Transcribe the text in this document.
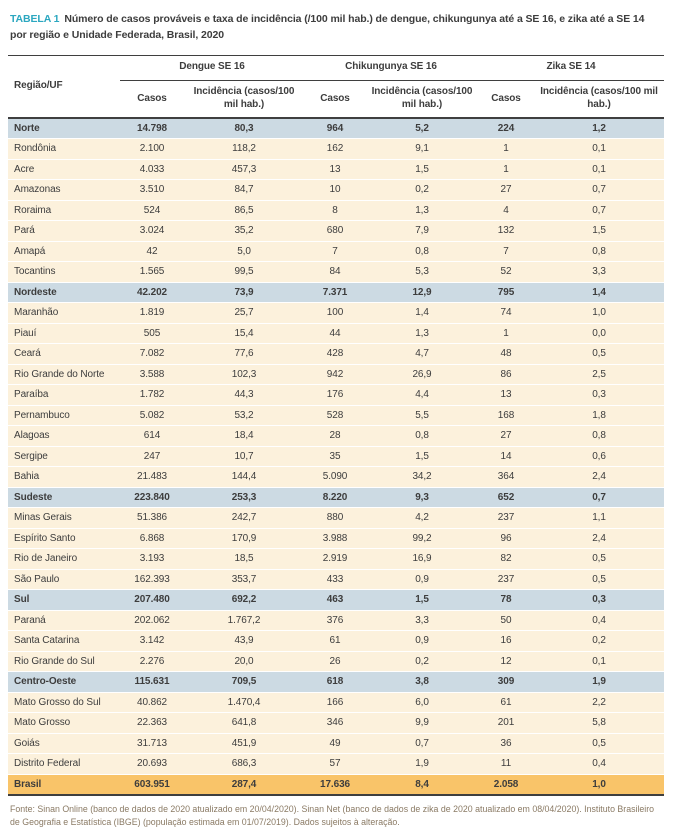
TABELA 1 Número de casos prováveis e taxa de incidência (/100 mil hab.) de dengue, chikungunya até a SE 16, e zika até a SE 14 por região e Unidade Federada, Brasil, 2020
Região/UF	Dengue SE 16		Chikungunya SE 16		Zika SE 14	
	Casos	Incidência (casos/100 mil hab.)	Casos	Incidência (casos/100 mil hab.)	Casos	Incidência (casos/100 mil hab.)
Norte	14.798	80,3	964	5,2	224	1,2
Rondônia	2.100	118,2	162	9,1	1	0,1
Acre	4.033	457,3	13	1,5	1	0,1
Amazonas	3.510	84,7	10	0,2	27	0,7
Roraima	524	86,5	8	1,3	4	0,7
Pará	3.024	35,2	680	7,9	132	1,5
Amapá	42	5,0	7	0,8	7	0,8
Tocantins	1.565	99,5	84	5,3	52	3,3
Nordeste	42.202	73,9	7.371	12,9	795	1,4
Maranhão	1.819	25,7	100	1,4	74	1,0
Piauí	505	15,4	44	1,3	1	0,0
Ceará	7.082	77,6	428	4,7	48	0,5
Rio Grande do Norte	3.588	102,3	942	26,9	86	2,5
Paraíba	1.782	44,3	176	4,4	13	0,3
Pernambuco	5.082	53,2	528	5,5	168	1,8
Alagoas	614	18,4	28	0,8	27	0,8
Sergipe	247	10,7	35	1,5	14	0,6
Bahia	21.483	144,4	5.090	34,2	364	2,4
Sudeste	223.840	253,3	8.220	9,3	652	0,7
Minas Gerais	51.386	242,7	880	4,2	237	1,1
Espírito Santo	6.868	170,9	3.988	99,2	96	2,4
Rio de Janeiro	3.193	18,5	2.919	16,9	82	0,5
São Paulo	162.393	353,7	433	0,9	237	0,5
Sul	207.480	692,2	463	1,5	78	0,3
Paraná	202.062	1.767,2	376	3,3	50	0,4
Santa Catarina	3.142	43,9	61	0,9	16	0,2
Rio Grande do Sul	2.276	20,0	26	0,2	12	0,1
Centro-Oeste	115.631	709,5	618	3,8	309	1,9
Mato Grosso do Sul	40.862	1.470,4	166	6,0	61	2,2
Mato Grosso	22.363	641,8	346	9,9	201	5,8
Goiás	31.713	451,9	49	0,7	36	0,5
Distrito Federal	20.693	686,3	57	1,9	11	0,4
Brasil	603.951	287,4	17.636	8,4	2.058	1,0
Fonte: Sinan Online (banco de dados de 2020 atualizado em 20/04/2020). Sinan Net (banco de dados de zika de 2020 atualizado em 08/04/2020). Instituto Brasileiro de Geografia e Estatística (IBGE) (população estimada em 01/07/2019). Dados sujeitos à alteração.
